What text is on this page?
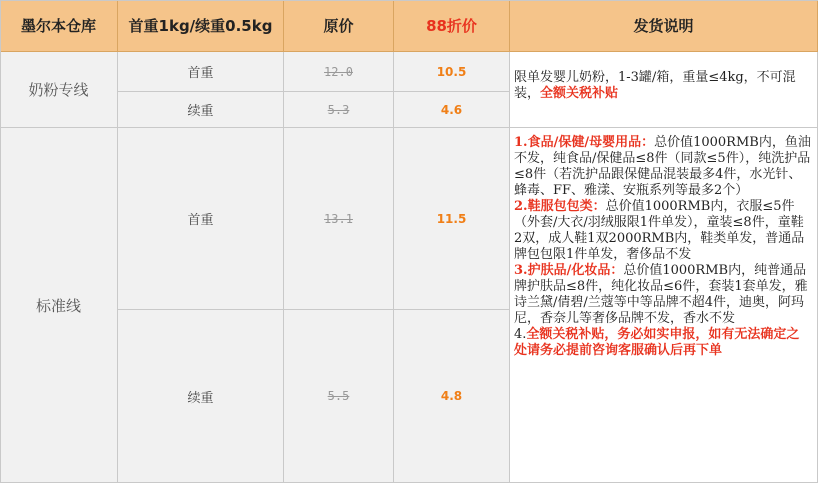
墨尔本仓库	首重1kg/续重0.5kg	原价	88折价	发货说明
奶粉专线
首重	12.0	10.5
续重	5.3	4.6
限单发婴儿奶粉，1-3罐/箱，重量≤4kg，不可混装，全额关税补贴
标准线
首重	13.1	11.5
续重	5.5	4.8
1.食品/保健/母婴用品：总价值1000RMB内，鱼油不发，纯食品/保健品≤8件（同款≤5件），纯洗护品≤8件（若洗护品跟保健品混装最多4件，水光针、蜂毒、FF、雅漾、安瓶系列等最多2个）
2.鞋服包包类：总价值1000RMB内，衣服≤5件（外套/大衣/羽绒服限1件单发），童装≤8件，童鞋2双，成人鞋1双2000RMB内，鞋类单发，普通品牌包包限1件单发，奢侈品不发
3.护肤品/化妆品：总价值1000RMB内，纯普通品牌护肤品≤8件，纯化妆品≤6件，套装1套单发，雅诗兰黛/倩碧/兰蔻等中等品牌不超4件，迪奥，阿玛尼，香奈儿等奢侈品牌不发，香水不发
4.全额关税补贴，务必如实申报，如有无法确定之处请务必提前咨询客服确认后再下单
